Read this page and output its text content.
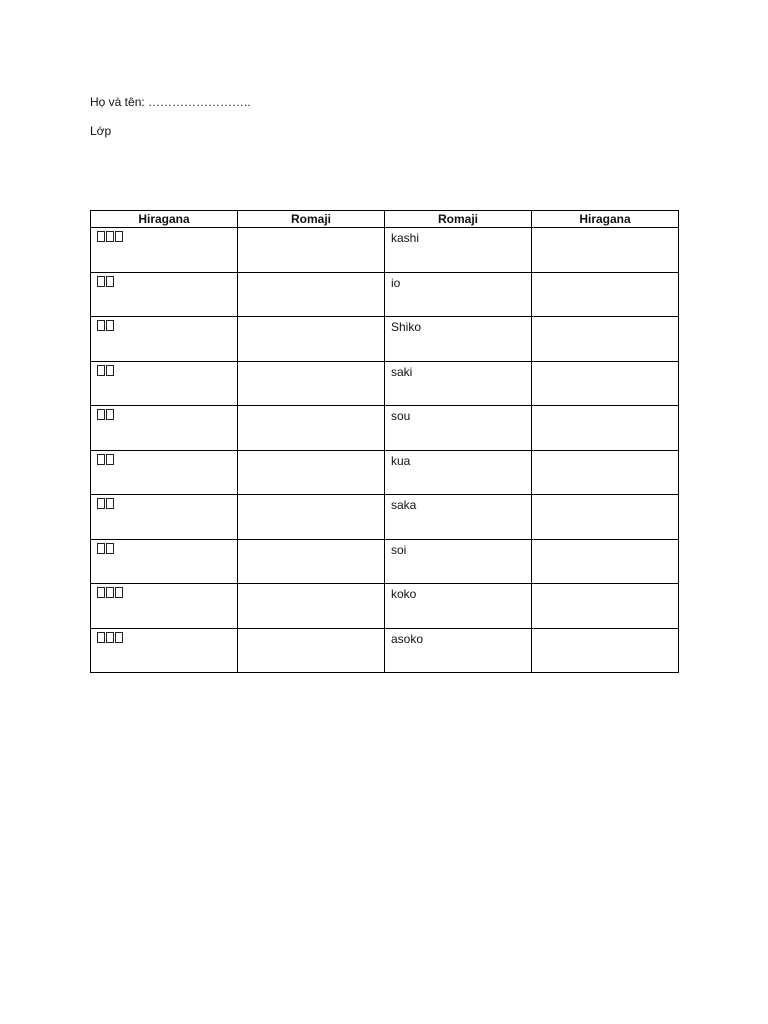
Họ và tên: ……………………..
Lớp
Hiragana	Romaji	Romaji	Hiragana

		kashi	

		io	

		Shiko	

		saki	

		sou	

		kua	

		saka	

		soi	

		koko	

		asoko	
